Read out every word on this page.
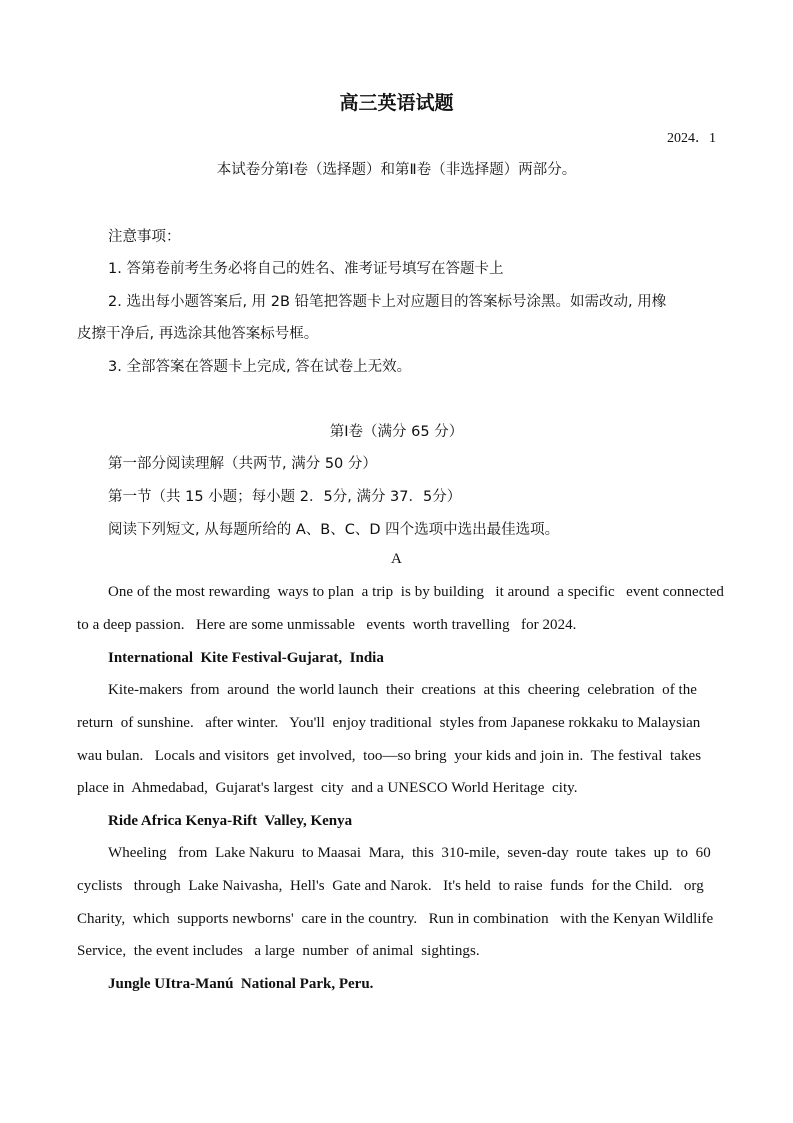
高三英语试题
2024．1
本试卷分第Ⅰ卷（选择题）和第Ⅱ卷（非选择题）两部分。
注意事项：
1. 答第卷前考生务必将自己的姓名、准考证号填写在答题卡上
2. 选出每小题答案后, 用 2B 铅笔把答题卡上对应题目的答案标号涂黑。如需改动, 用橡
皮擦干净后, 再选涂其他答案标号框。
3. 全部答案在答题卡上完成, 答在试卷上无效。
第Ⅰ卷（满分 65 分）
第一部分阅读理解（共两节, 满分 50 分）
第一节（共 15 小题；每小题 2．5分, 满分 37．5分）
阅读下列短文, 从每题所给的 A、B、C、D 四个选项中选出最佳选项。
A
One of the most rewarding  ways to plan  a trip  is by building   it around  a specific   event connected
to a deep passion.   Here are some unmissable   events  worth travelling   for 2024.
International  Kite Festival-Gujarat,  India
Kite-makers  from  around  the world launch  their  creations  at this  cheering  celebration  of the
return  of sunshine.   after winter.   You'll  enjoy traditional  styles from Japanese rokkaku to Malaysian
wau bulan.   Locals and visitors  get involved,  too—so bring  your kids and join in.  The festival  takes
place in  Ahmedabad,  Gujarat's largest  city  and a UNESCO World Heritage  city.
Ride Africa Kenya-Rift  Valley, Kenya
Wheeling   from  Lake Nakuru  to Maasai  Mara,  this  310-mile,  seven-day  route  takes  up  to  60
cyclists   through  Lake Naivasha,  Hell's  Gate and Narok.   It's held  to raise  funds  for the Child.   org
Charity,  which  supports newborns'  care in the country.   Run in combination   with the Kenyan Wildlife
Service,  the event includes   a large  number  of animal  sightings.
Jungle UItra-Manú  National Park, Peru.
